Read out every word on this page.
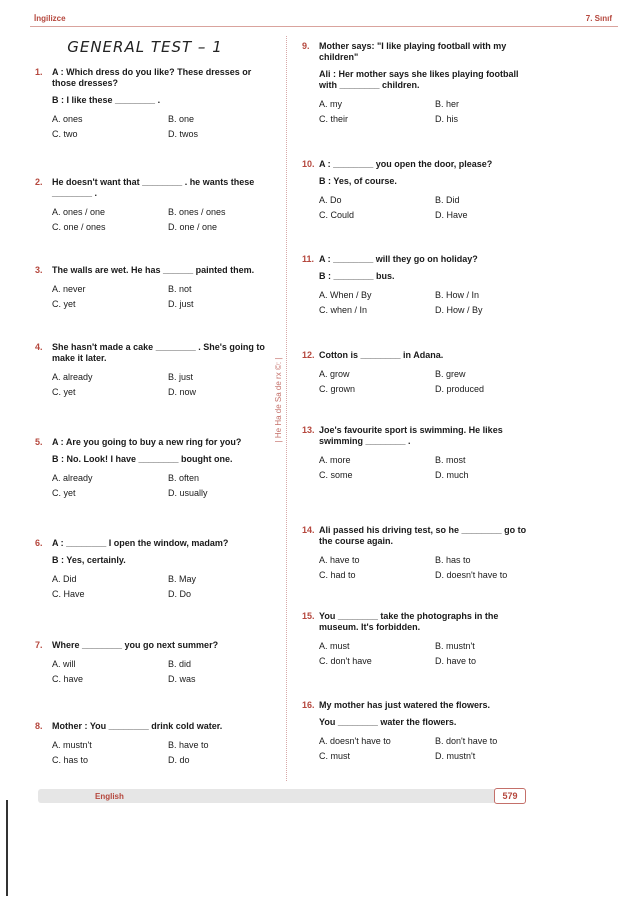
İngilizce	7. Sınıf
GENERAL TEST – 1
| He Ha de Sa de rx ©: |
1.	A : Which dress do you like? These dresses or those dresses?
B : I like these ________ .
A. ones	B. one
C. two	D. twos
2.	He doesn't want that ________ . he wants these ________ .
A. ones / one	B. ones / ones
C. one / ones	D. one / one
3.	The walls are wet. He has ______ painted them.
A. never	B. not
C. yet	D. just
4.	She hasn't made a cake ________ . She's going to make it later.
A. already	B. just
C. yet	D. now
5.	A : Are you going to buy a new ring for you?
B : No. Look! I have ________ bought one.
A. already	B. often
C. yet	D. usually
6.	A : ________ I open the window, madam?
B : Yes, certainly.
A. Did	B. May
C. Have	D. Do
7.	Where ________ you go next summer?
A. will	B. did
C. have	D. was
8.	Mother : You ________ drink cold water.
A. mustn't	B. have to
C. has to	D. do
9.	Mother says: "I like playing football with my children"
Ali : Her mother says she likes playing football with ________ children.
A. my	B. her
C. their	D. his
10. A : ________ you open the door, please?
B : Yes, of course.
A. Do	B. Did
C. Could	D. Have
11. A : ________ will they go on holiday?
B : ________ bus.
A. When / By	B. How / In
C. when / In	D. How / By
12. Cotton is ________ in Adana.
A. grow	B. grew
C. grown	D. produced
13. Joe's favourite sport is swimming. He likes swimming ________ .
A. more	B. most
C. some	D. much
14. Ali passed his driving test, so he ________ go to the course again.
A. have to	B. has to
C. had to	D. doesn't have to
15. You ________ take the photographs in the museum. It's forbidden.
A. must	B. mustn't
C. don't have	D. have to
16. My mother has just watered the flowers.
You ________ water the flowers.
A. doesn't have to	B. don't have to
C. must	D. mustn't
English	579
